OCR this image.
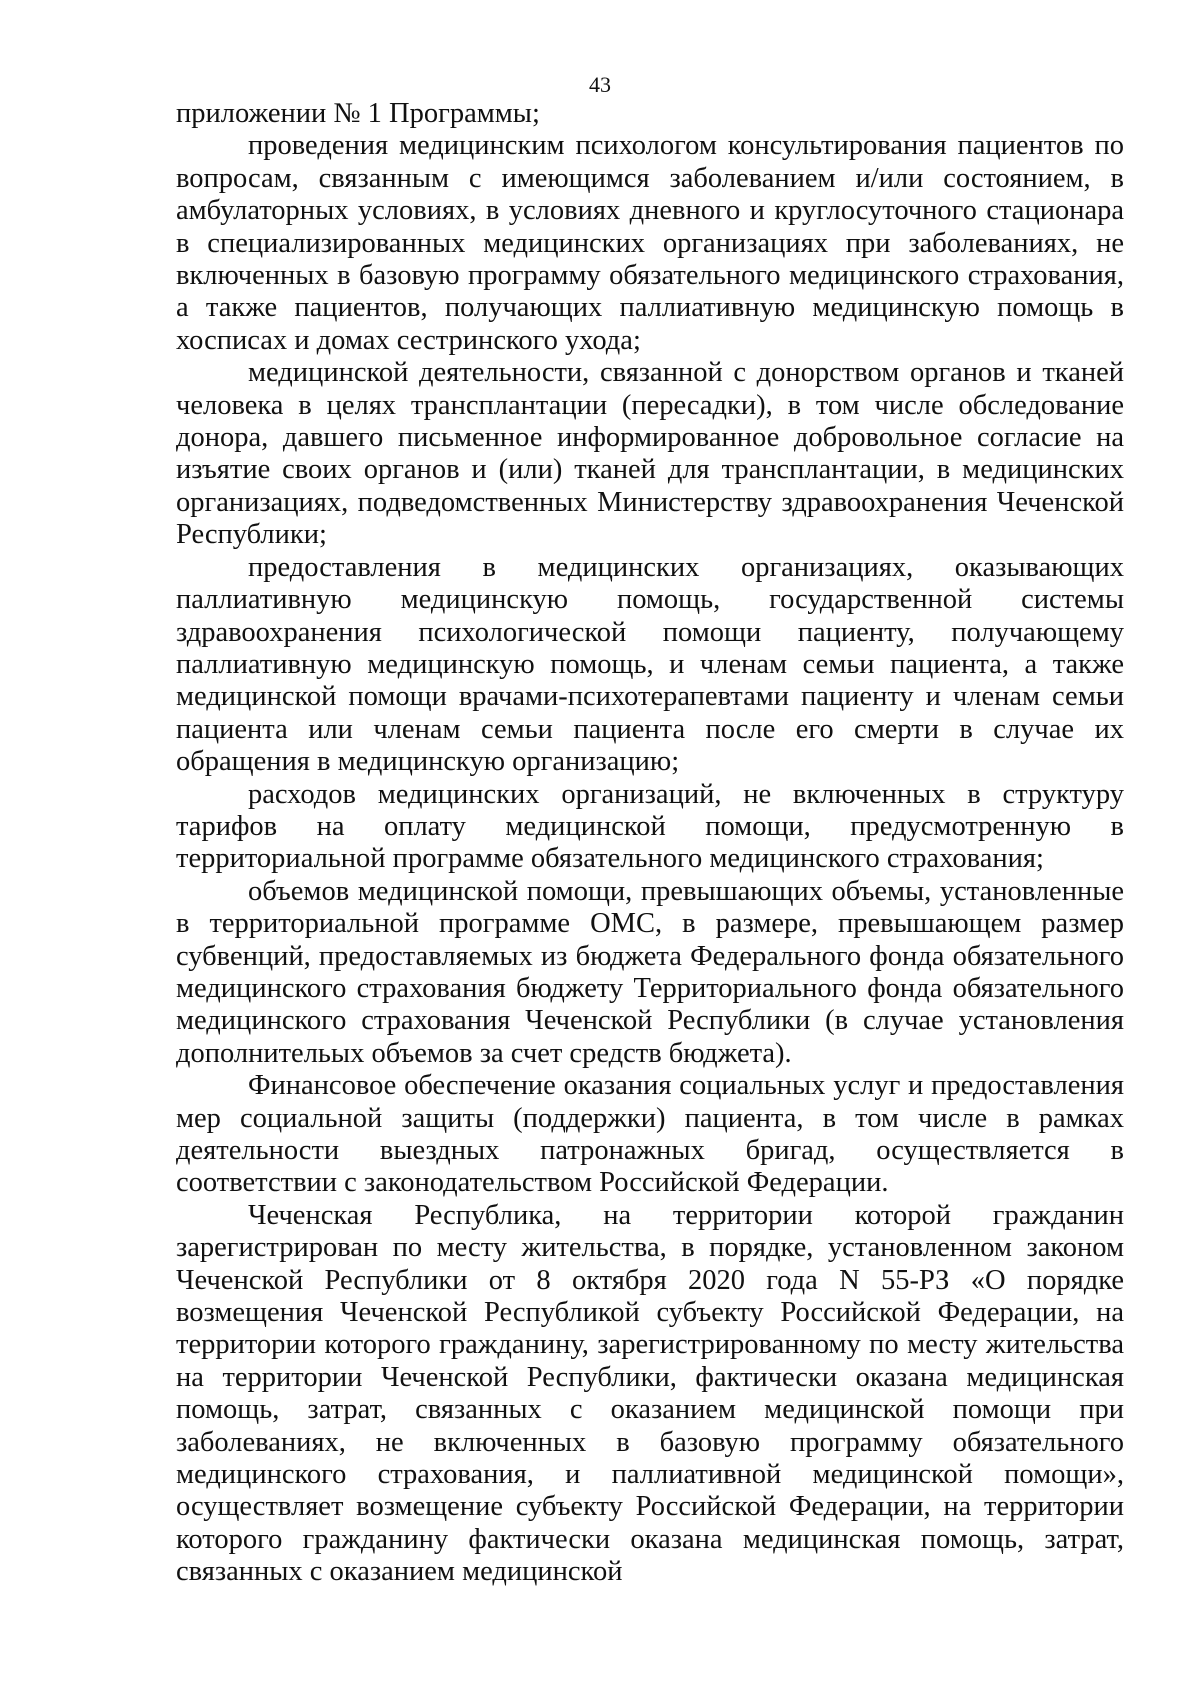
43

приложении № 1 Программы;

проведения медицинским психологом консультирования пациентов по вопросам, связанным с имеющимся заболеванием и/или состоянием, в амбулаторных условиях, в условиях дневного и круглосуточного стационара в специализированных медицинских организациях при заболеваниях, не включенных в базовую программу обязательного медицинского страхования, а также пациентов, получающих паллиативную медицинскую помощь в хосписах и домах сестринского ухода;

медицинской деятельности, связанной с донорством органов и тканей человека в целях трансплантации (пересадки), в том числе обследование донора, давшего письменное информированное добровольное согласие на изъятие своих органов и (или) тканей для трансплантации, в медицинских организациях, подведомственных Министерству здравоохранения Чеченской Республики;

предоставления в медицинских организациях, оказывающих паллиативную медицинскую помощь, государственной системы здравоохранения психологической помощи пациенту, получающему паллиативную медицинскую помощь, и членам семьи пациента, а также медицинской помощи врачами-психотерапевтами пациенту и членам семьи пациента или членам семьи пациента после его смерти в случае их обращения в медицинскую организацию;

расходов медицинских организаций, не включенных в структуру тарифов на оплату медицинской помощи, предусмотренную в территориальной программе обязательного медицинского страхования;

объемов медицинской помощи, превышающих объемы, установленные в территориальной программе ОМС, в размере, превышающем размер субвенций, предоставляемых из бюджета Федерального фонда обязательного медицинского страхования бюджету Территориального фонда обязательного медицинского страхования Чеченской Республики (в случае установления дополнительых объемов за счет средств бюджета).

Финансовое обеспечение оказания социальных услуг и предоставления мер социальной защиты (поддержки) пациента, в том числе в рамках деятельности выездных патронажных бригад, осуществляется в соответствии с законодательством Российской Федерации.

Чеченская Республика, на территории которой гражданин зарегистрирован по месту жительства, в порядке, установленном законом Чеченской Республики от 8 октября 2020 года N 55-РЗ «О порядке возмещения Чеченской Республикой субъекту Российской Федерации, на территории которого гражданину, зарегистрированному по месту жительства на территории Чеченской Республики, фактически оказана медицинская помощь, затрат, связанных с оказанием медицинской помощи при заболеваниях, не включенных в базовую программу обязательного медицинского страхования, и паллиативной медицинской помощи», осуществляет возмещение субъекту Российской Федерации, на территории которого гражданину фактически оказана медицинская помощь, затрат, связанных с оказанием медицинской
